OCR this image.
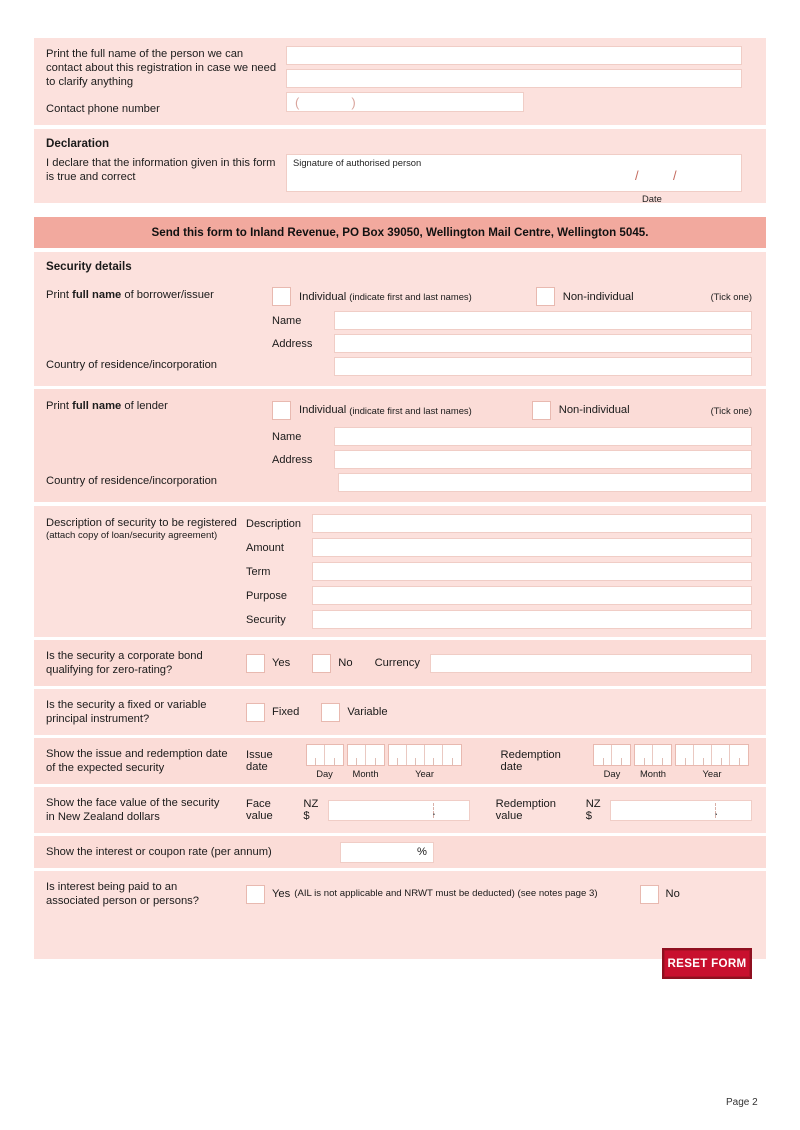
Print the full name of the person we can contact about this registration in case we need to clarify anything
Contact phone number	(	)
Declaration
I declare that the information given in this form is true and correct
Signature of authorised person
/	/
Date
Send this form to Inland Revenue, PO Box 39050, Wellington Mail Centre, Wellington 5045.
Security details
Print full name of borrower/issuer	Individual (indicate first and last names)	Non-individual	(Tick one)
Name
Address
Country of residence/incorporation
Print full name of lender	Individual (indicate first and last names)	Non-individual	(Tick one)
Name
Address
Country of residence/incorporation
Description of security to be registered
(attach copy of loan/security agreement)
Description
Amount
Term
Purpose
Security
Is the security a corporate bond
qualifying for zero-rating?
Yes	No Currency
Is the security a fixed or variable
principal instrument?
Fixed	Variable
Show the issue and redemption date
of the expected security
Issue date	Day	Month	Year
Redemption date	Day	Month	Year
Show the face value of the security
in New Zealand dollars
Face value
NZ $
·
Redemption value
NZ $
·
Show the interest or coupon rate (per annum)	%
Is interest being paid to an
associated person or persons?
Yes (AIL is not applicable and NRWT must be deducted) (see notes page 3)	No
RESET FORM
Page 2
